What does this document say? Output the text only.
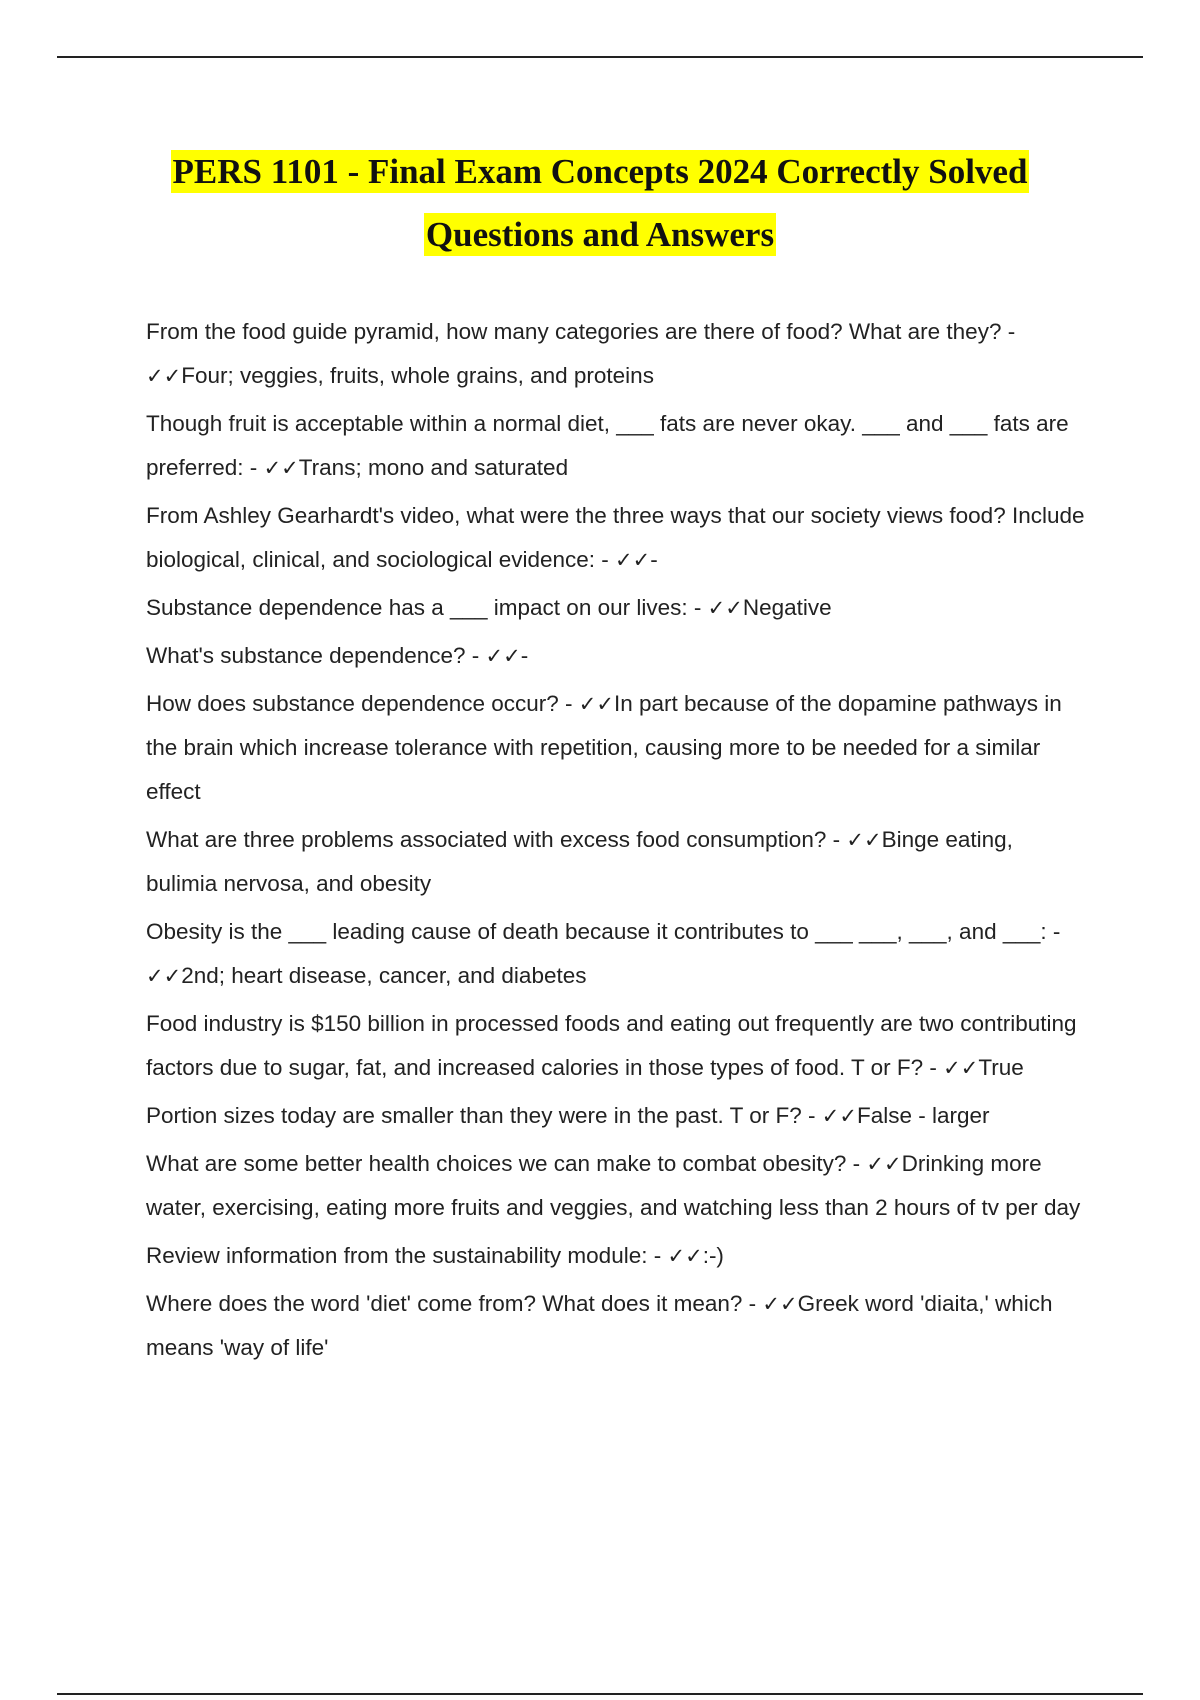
PERS 1101 - Final Exam Concepts 2024 Correctly Solved
Questions and Answers

From the food guide pyramid, how many categories are there of food? What are they? - ✓✓Four; veggies, fruits, whole grains, and proteins

Though fruit is acceptable within a normal diet, ___ fats are never okay. ___ and ___ fats are preferred: - ✓✓Trans; mono and saturated

From Ashley Gearhardt's video, what were the three ways that our society views food? Include biological, clinical, and sociological evidence: - ✓✓-

Substance dependence has a ___ impact on our lives: - ✓✓Negative

What's substance dependence? - ✓✓-

How does substance dependence occur? - ✓✓In part because of the dopamine pathways in the brain which increase tolerance with repetition, causing more to be needed for a similar effect

What are three problems associated with excess food consumption? - ✓✓Binge eating, bulimia nervosa, and obesity

Obesity is the ___ leading cause of death because it contributes to ___ ___, ___, and ___: - ✓✓2nd; heart disease, cancer, and diabetes

Food industry is $150 billion in processed foods and eating out frequently are two contributing factors due to sugar, fat, and increased calories in those types of food. T or F? - ✓✓True

Portion sizes today are smaller than they were in the past. T or F? - ✓✓False - larger

What are some better health choices we can make to combat obesity? - ✓✓Drinking more water, exercising, eating more fruits and veggies, and watching less than 2 hours of tv per day

Review information from the sustainability module: - ✓✓:-)

Where does the word 'diet' come from? What does it mean? - ✓✓Greek word 'diaita,' which means 'way of life'
